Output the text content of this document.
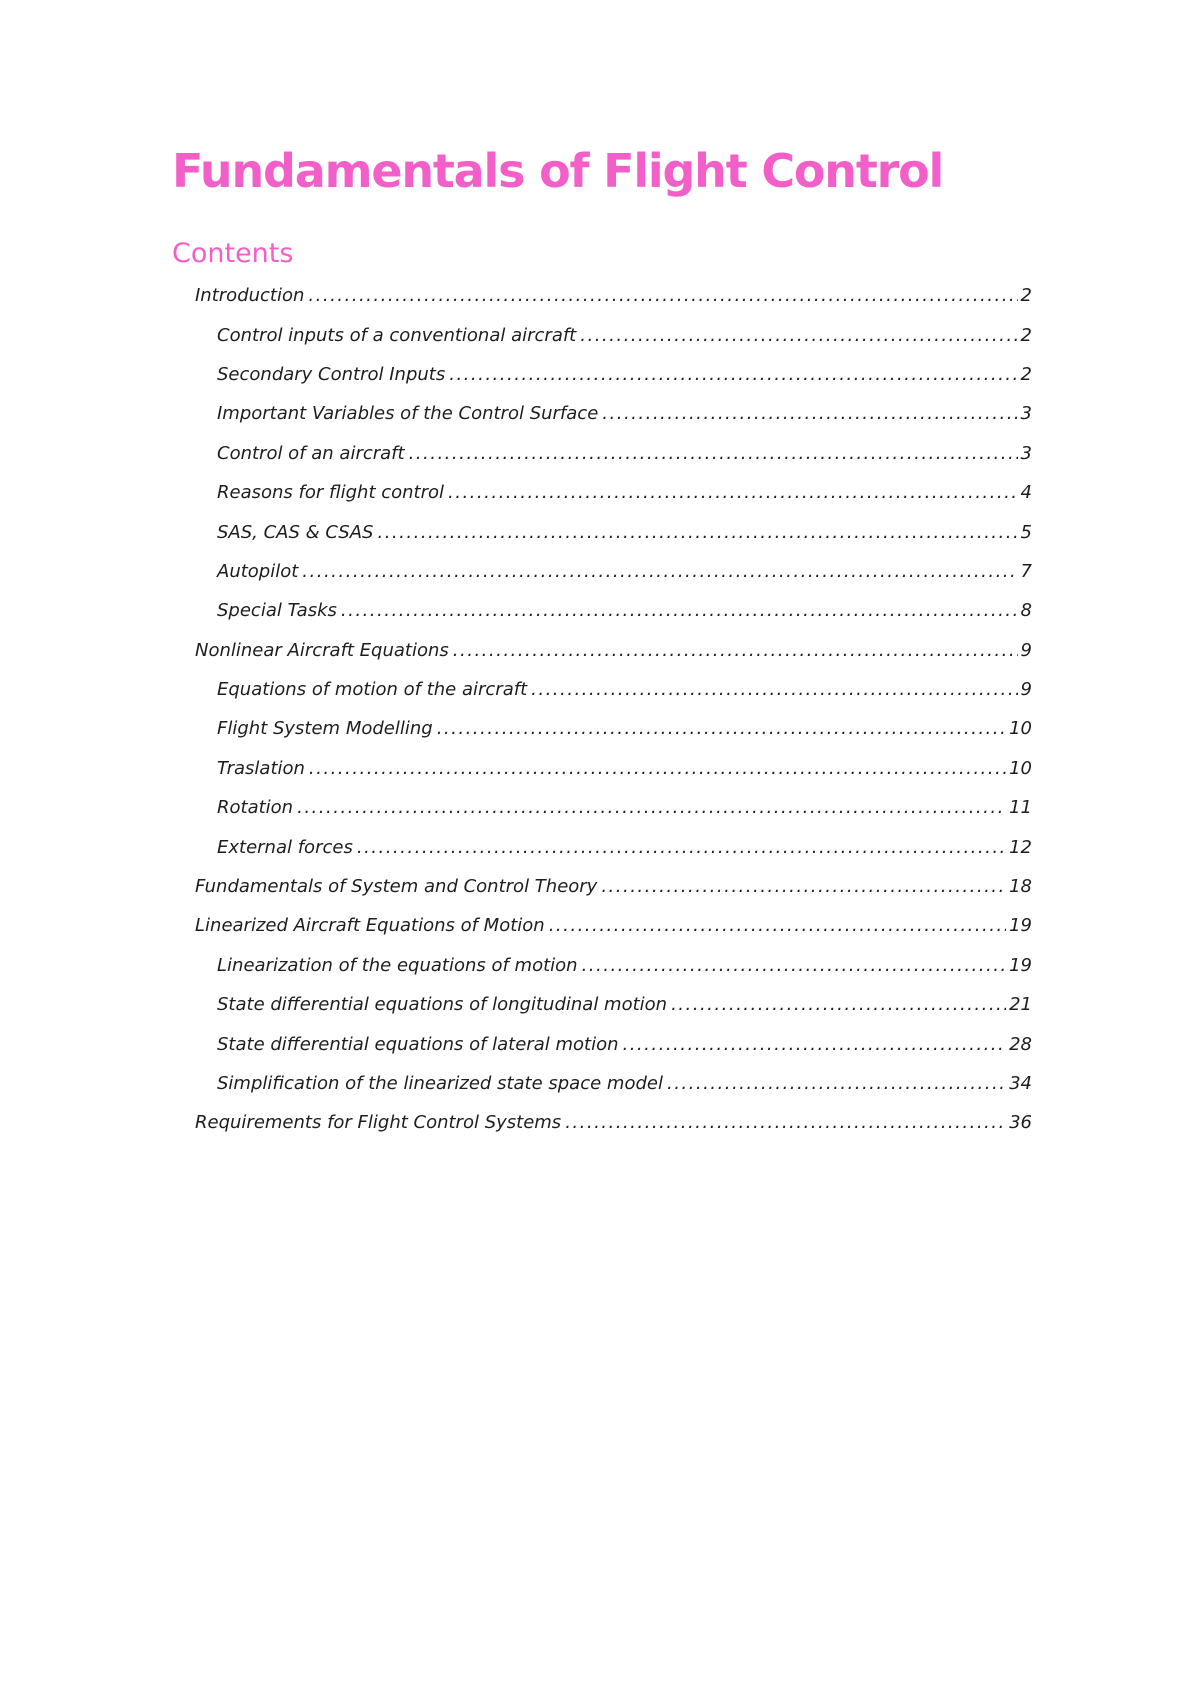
Fundamentals of Flight Control
Contents
Introduction .....	2
Control inputs of a conventional aircraft .....	2
Secondary Control Inputs .....	2
Important Variables of the Control Surface .....	3
Control of an aircraft .....	3
Reasons for flight control .....	4
SAS, CAS & CSAS .....	5
Autopilot .....	7
Special Tasks .....	8
Nonlinear Aircraft Equations .....	9
Equations of motion of the aircraft .....	9
Flight System Modelling .....	10
Traslation .....	10
Rotation .....	11
External forces .....	12
Fundamentals of System and Control Theory .....	18
Linearized Aircraft Equations of Motion .....	19
Linearization of the equations of motion .....	19
State differential equations of longitudinal motion .....	21
State differential equations of lateral motion .....	28
Simplification of the linearized state space model .....	34
Requirements for Flight Control Systems .....	36
